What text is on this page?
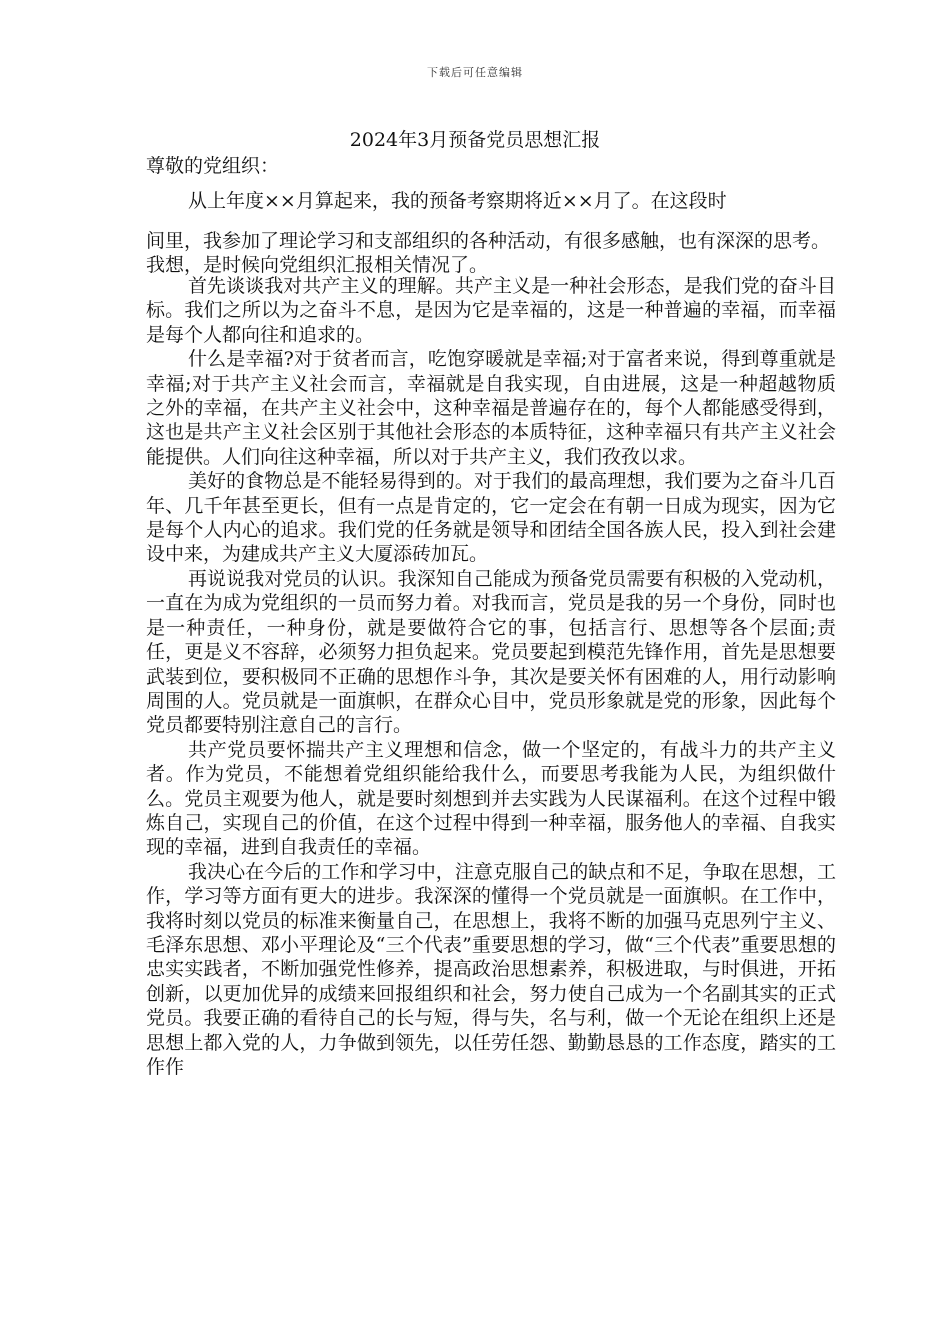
下载后可任意编辑
2024年3月预备党员思想汇报
尊敬的党组织：
从上年度××月算起来，我的预备考察期将近××月了。在这段时
间里，我参加了理论学习和支部组织的各种活动，有很多感触，也有深深的思考。我想，是时候向党组织汇报相关情况了。

首先谈谈我对共产主义的理解。共产主义是一种社会形态，是我们党的奋斗目标。我们之所以为之奋斗不息，是因为它是幸福的，这是一种普遍的幸福，而幸福是每个人都向往和追求的。

什么是幸福?对于贫者而言，吃饱穿暖就是幸福;对于富者来说，得到尊重就是幸福;对于共产主义社会而言，幸福就是自我实现，自由进展，这是一种超越物质之外的幸福，在共产主义社会中，这种幸福是普遍存在的，每个人都能感受得到，这也是共产主义社会区别于其他社会形态的本质特征，这种幸福只有共产主义社会能提供。人们向往这种幸福，所以对于共产主义，我们孜孜以求。

美好的食物总是不能轻易得到的。对于我们的最高理想，我们要为之奋斗几百年、几千年甚至更长，但有一点是肯定的，它一定会在有朝一日成为现实，因为它是每个人内心的追求。我们党的任务就是领导和团结全国各族人民，投入到社会建设中来，为建成共产主义大厦添砖加瓦。

再说说我对党员的认识。我深知自己能成为预备党员需要有积极的入党动机，一直在为成为党组织的一员而努力着。对我而言，党员是我的另一个身份，同时也是一种责任，一种身份，就是要做符合它的事，包括言行、思想等各个层面;责任，更是义不容辞，必须努力担负起来。党员要起到模范先锋作用，首先是思想要武装到位，要积极同不正确的思想作斗争，其次是要关怀有困难的人，用行动影响周围的人。党员就是一面旗帜，在群众心目中，党员形象就是党的形象，因此每个党员都要特别注意自己的言行。

共产党员要怀揣共产主义理想和信念，做一个坚定的，有战斗力的共产主义者。作为党员，不能想着党组织能给我什么，而要思考我能为人民，为组织做什么。党员主观要为他人，就是要时刻想到并去实践为人民谋福利。在这个过程中锻炼自己，实现自己的价值，在这个过程中得到一种幸福，服务他人的幸福、自我实现的幸福，进到自我责任的幸福。

我决心在今后的工作和学习中，注意克服自己的缺点和不足，争取在思想，工作，学习等方面有更大的进步。我深深的懂得一个党员就是一面旗帜。在工作中，我将时刻以党员的标准来衡量自己，在思想上，我将不断的加强马克思列宁主义、毛泽东思想、邓小平理论及“三个代表”重要思想的学习，做“三个代表”重要思想的忠实实践者，不断加强党性修养，提高政治思想素养，积极进取，与时俱进，开拓创新，以更加优异的成绩来回报组织和社会，努力使自己成为一个名副其实的正式党员。我要正确的看待自己的长与短，得与失，名与利，做一个无论在组织上还是思想上都入党的人，力争做到领先，以任劳任怨、勤勤恳恳的工作态度，踏实的工作作
